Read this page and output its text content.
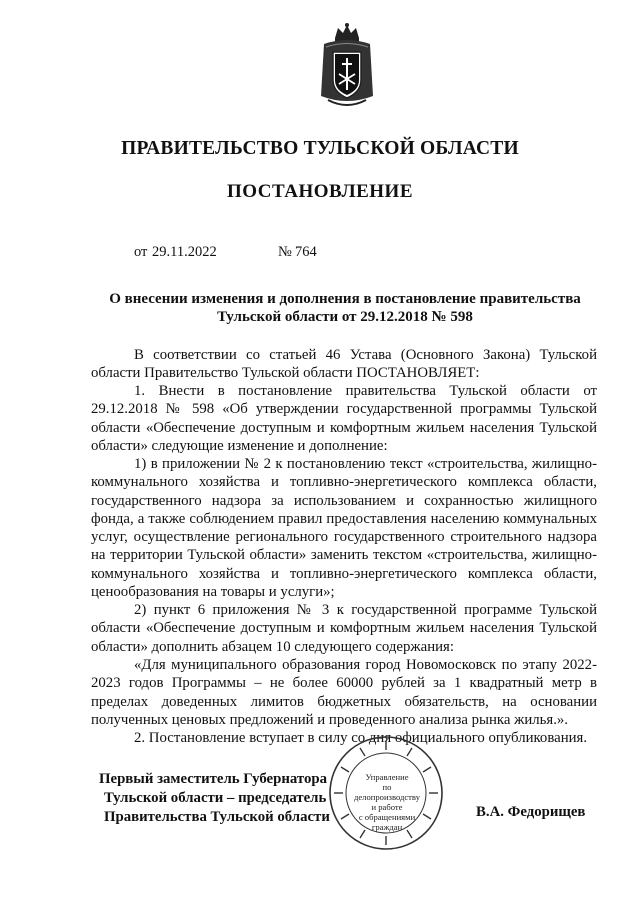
ПРАВИТЕЛЬСТВО ТУЛЬСКОЙ ОБЛАСТИ
ПОСТАНОВЛЕНИЕ
от 29.11.2022	№ 764
О внесении изменения и дополнения в постановление правительства Тульской области от 29.12.2018 № 598

В соответствии со статьей 46 Устава (Основного Закона) Тульской области Правительство Тульской области ПОСТАНОВЛЯЕТ:

1. Внести в постановление правительства Тульской области от 29.12.2018 № 598 «Об утверждении государственной программы Тульской области «Обеспечение доступным и комфортным жильем населения Тульской области» следующие изменение и дополнение:

1) в приложении № 2 к постановлению текст «строительства, жилищно-коммунального хозяйства и топливно-энергетического комплекса области, государственного надзора за использованием и сохранностью жилищного фонда, а также соблюдением правил предоставления населению коммунальных услуг, осуществление регионального государственного строительного надзора на территории Тульской области» заменить текстом «строительства, жилищно-коммунального хозяйства и топливно-энергетического комплекса области, ценообразования на товары и услуги»;

2) пункт 6 приложения № 3 к государственной программе Тульской области «Обеспечение доступным и комфортным жильем населения Тульской области» дополнить абзацем 10 следующего содержания:

«Для муниципального образования город Новомосковск по этапу 2022-2023 годов Программы – не более 60000 рублей за 1 квадратный метр в пределах доведенных лимитов бюджетных обязательств, на основании полученных ценовых предложений и проведенного анализа рынка жилья.».

2. Постановление вступает в силу со дня официального опубликования.

Первый заместитель Губернатора
Тульской области – председатель
Правительства Тульской области
Управление
по делопроизводству
и работе
с обращениями
граждан
В.А. Федорищев
